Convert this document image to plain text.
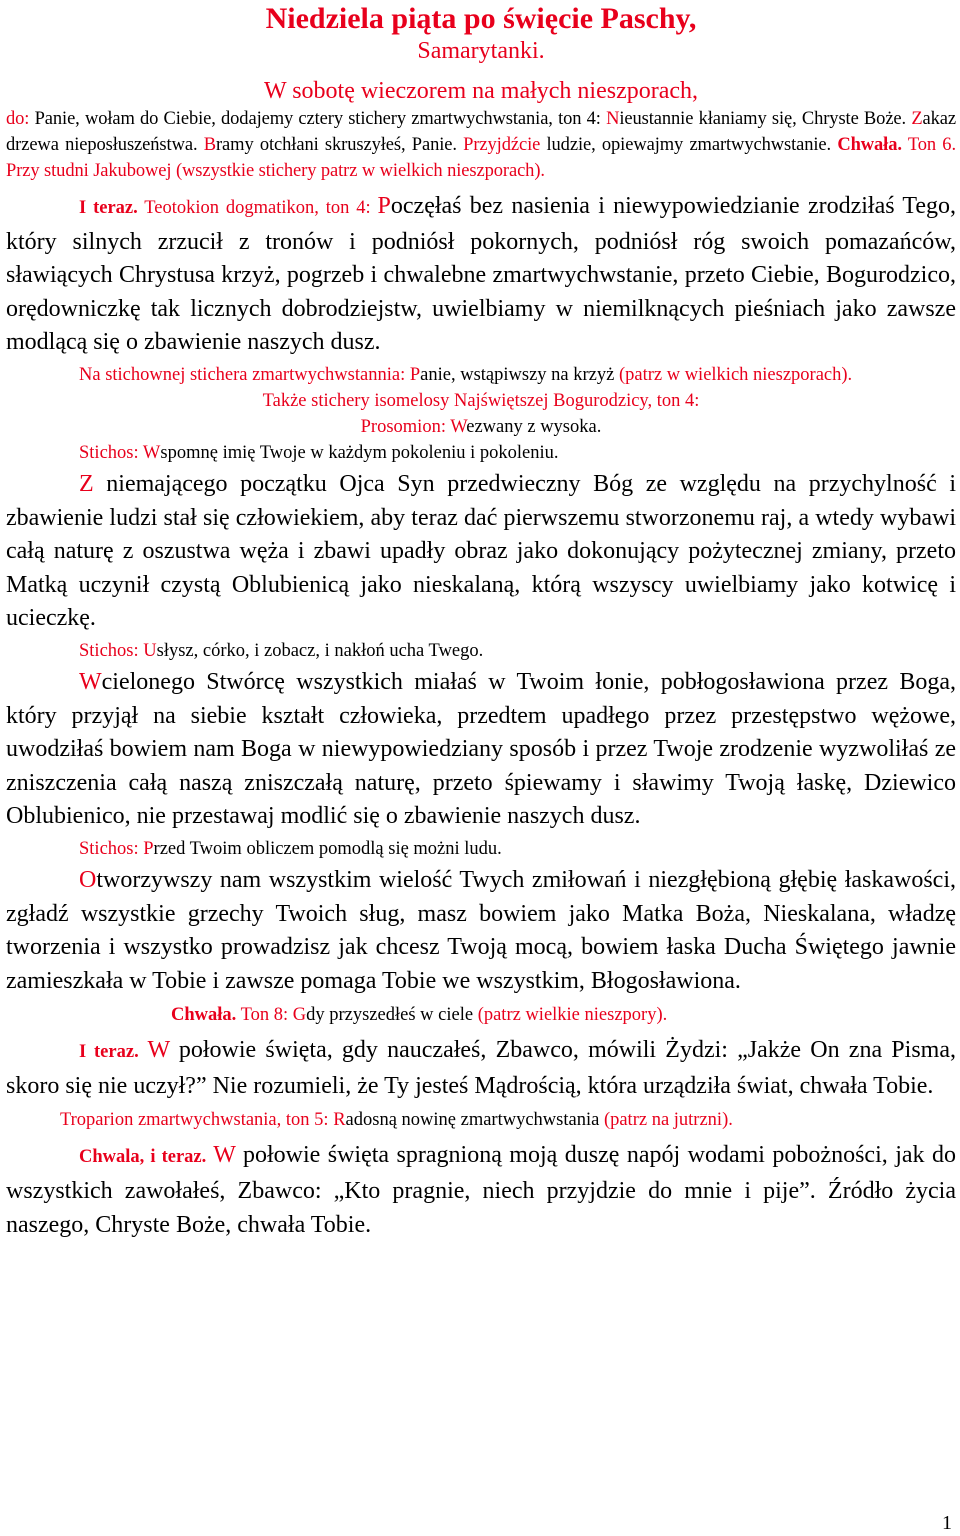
Niedziela piąta po święcie Paschy,

Samarytanki.

W sobotę wieczorem na małych nieszporach,

do: Panie, wołam do Ciebie, dodajemy cztery stichery zmartwychwstania, ton 4: Nieustannie kłaniamy się, Chryste Boże. Zakaz drzewa nieposłuszeństwa. Bramy otchłani skruszyłeś, Panie. Przyjdźcie ludzie, opiewajmy zmartwychwstanie. Chwała. Ton 6. Przy studni Jakubowej (wszystkie stichery patrz w wielkich nieszporach).

I teraz. Teotokion dogmatikon, ton 4: Poczęłaś bez nasienia i niewypowiedzianie zrodziłaś Tego, który silnych zrzucił z tronów i podniósł pokornych, podniósł róg swoich pomazańców, sławiących Chrystusa krzyż, pogrzeb i chwalebne zmartwychwstanie, przeto Ciebie, Bogurodzico, orędowniczkę tak licznych dobrodziejstw, uwielbiamy w niemilknących pieśniach jako zawsze modlącą się o zbawienie naszych dusz.

Na stichownej stichera zmartwychwstannia: Panie, wstąpiwszy na krzyż (patrz w wielkich nieszporach).

Także stichery isomelosy Najświętszej Bogurodzicy, ton 4:

Prosomion: Wezwany z wysoka.

Stichos: Wspomnę imię Twoje w każdym pokoleniu i pokoleniu.

Z niemającego początku Ojca Syn przedwieczny Bóg ze względu na przychylność i zbawienie ludzi stał się człowiekiem, aby teraz dać pierwszemu stworzonemu raj, a wtedy wybawi całą naturę z oszustwa węża i zbawi upadły obraz jako dokonujący pożytecznej zmiany, przeto Matką uczynił czystą Oblubienicą jako nieskalaną, którą wszyscy uwielbiamy jako kotwicę i ucieczkę.

Stichos: Usłysz, córko, i zobacz, i nakłoń ucha Twego.

Wcielonego Stwórcę wszystkich miałaś w Twoim łonie, pobłogosławiona przez Boga, który przyjął na siebie kształt człowieka, przedtem upadłego przez przestępstwo wężowe, uwodziłaś bowiem nam Boga w niewypowiedziany sposób i przez Twoje zrodzenie wyzwoliłaś ze zniszczenia całą naszą zniszczałą naturę, przeto śpiewamy i sławimy Twoją łaskę, Dziewico Oblubienico, nie przestawaj modlić się o zbawienie naszych dusz.

Stichos: Przed Twoim obliczem pomodlą się możni ludu.

Otworzywszy nam wszystkim wielość Twych zmiłowań i niezgłębioną głębię łaskawości, zgładź wszystkie grzechy Twoich sług, masz bowiem jako Matka Boża, Nieskalana, władzę tworzenia i wszystko prowadzisz jak chcesz Twoją mocą, bowiem łaska Ducha Świętego jawnie zamieszkała w Tobie i zawsze pomaga Tobie we wszystkim, Błogosławiona.

Chwała. Ton 8: Gdy przyszedłeś w ciele (patrz wielkie nieszpory).

I teraz. W połowie święta, gdy nauczałeś, Zbawco, mówili Żydzi: „Jakże On zna Pisma, skoro się nie uczył?” Nie rozumieli, że Ty jesteś Mądrością, która urządziła świat, chwała Tobie.

Troparion zmartwychwstania, ton 5: Radosną nowinę zmartwychwstania (patrz na jutrzni).

Chwala, i teraz. W połowie święta spragnioną moją duszę napój wodami pobożności, jak do wszystkich zawołałeś, Zbawco: „Kto pragnie, niech przyjdzie do mnie i pije”. Źródło życia naszego, Chryste Boże, chwała Tobie.

1
